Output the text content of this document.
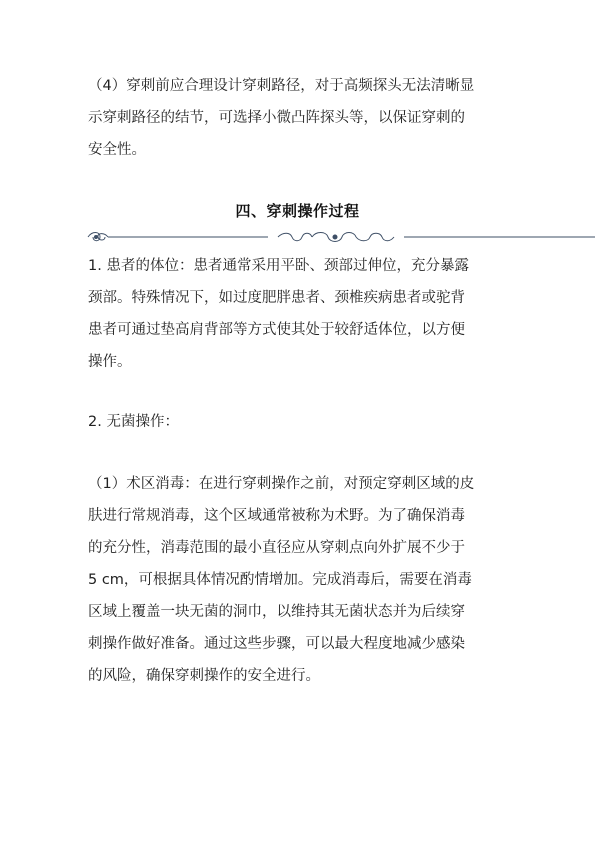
（4）穿刺前应合理设计穿刺路径，对于高频探头无法清晰显
示穿刺路径的结节，可选择小微凸阵探头等，以保证穿刺的
安全性。
四、穿刺操作过程
1. 患者的体位：患者通常采用平卧、颈部过伸位，充分暴露
颈部。特殊情况下，如过度肥胖患者、颈椎疾病患者或驼背
患者可通过垫高肩背部等方式使其处于较舒适体位，以方便
操作。
2. 无菌操作：
（1）术区消毒：在进行穿刺操作之前，对预定穿刺区域的皮
肤进行常规消毒，这个区域通常被称为术野。为了确保消毒
的充分性，消毒范围的最小直径应从穿刺点向外扩展不少于
5 cm，可根据具体情况酌情增加。完成消毒后，需要在消毒
区域上覆盖一块无菌的洞巾，以维持其无菌状态并为后续穿
刺操作做好准备。通过这些步骤，可以最大程度地减少感染
的风险，确保穿刺操作的安全进行。
